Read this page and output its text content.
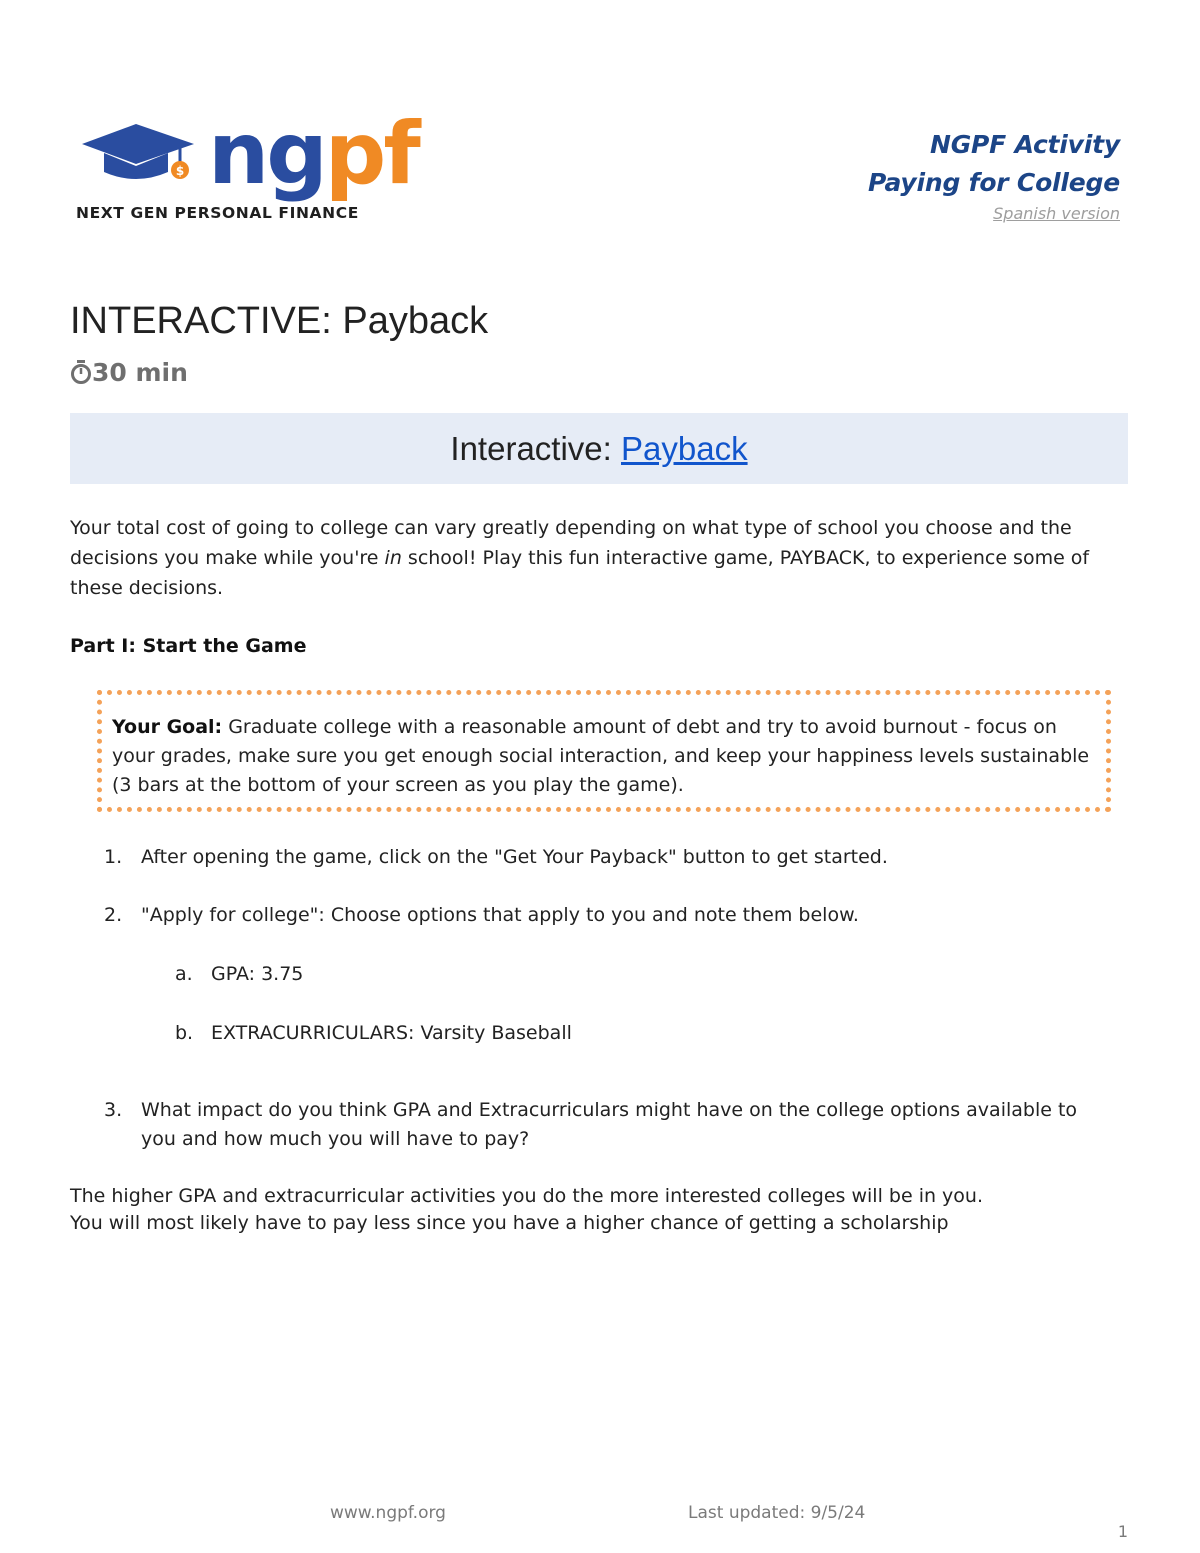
$ ngpf
NEXT GEN PERSONAL FINANCE
NGPF Activity
Paying for College
Spanish version
INTERACTIVE: Payback
30 min
Interactive: Payback

Your total cost of going to college can vary greatly depending on what type of school you choose and the decisions you make while you're in school! Play this fun interactive game, PAYBACK, to experience some of these decisions.

Part I: Start the Game

Your Goal: Graduate college with a reasonable amount of debt and try to avoid burnout - focus on your grades, make sure you get enough social interaction, and keep your happiness levels sustainable (3 bars at the bottom of your screen as you play the game).

1. After opening the game, click on the "Get Your Payback" button to get started.
2. "Apply for college": Choose options that apply to you and note them below.
a. GPA: 3.75
b. EXTRACURRICULARS: Varsity Baseball
3. What impact do you think GPA and Extracurriculars might have on the college options available to you and how much you will have to pay?

The higher GPA and extracurricular activities you do the more interested colleges will be in you. You will most likely have to pay less since you have a higher chance of getting a scholarship

www.ngpf.org	Last updated: 9/5/24
1
